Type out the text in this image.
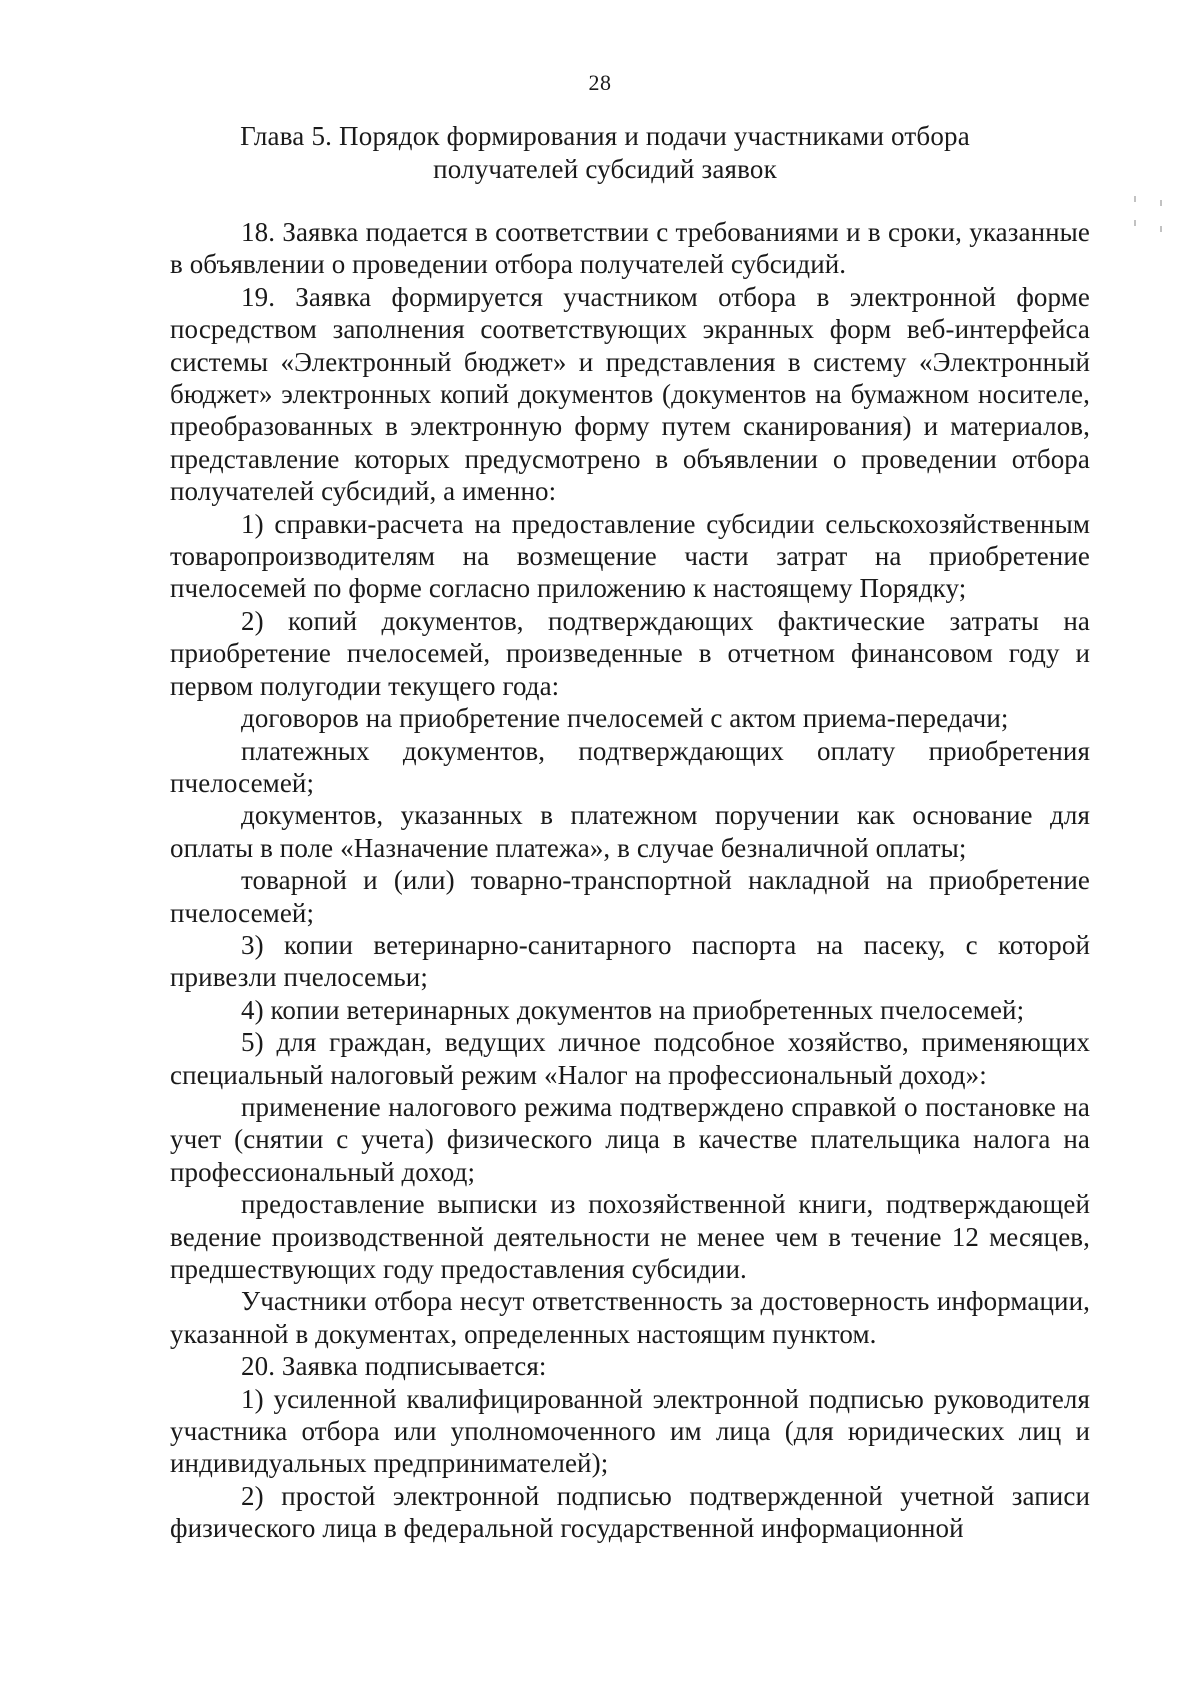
28
Глава 5. Порядок формирования и подачи участниками отбора
получателей субсидий заявок

18. Заявка подается в соответствии с требованиями и в сроки, указанные в объявлении о проведении отбора получателей субсидий.

19. Заявка формируется участником отбора в электронной форме посредством заполнения соответствующих экранных форм веб-интерфейса системы «Электронный бюджет» и представления в систему «Электронный бюджет» электронных копий документов (документов на бумажном носителе, преобразованных в электронную форму путем сканирования) и материалов, представление которых предусмотрено в объявлении о проведении отбора получателей субсидий, а именно:

1) справки-расчета на предоставление субсидии сельскохозяйственным товаропроизводителям на возмещение части затрат на приобретение пчелосемей по форме согласно приложению к настоящему Порядку;

2) копий документов, подтверждающих фактические затраты на приобретение пчелосемей, произведенные в отчетном финансовом году и первом полугодии текущего года:

договоров на приобретение пчелосемей с актом приема-передачи;

платежных документов, подтверждающих оплату приобретения пчелосемей;

документов, указанных в платежном поручении как основание для оплаты в поле «Назначение платежа», в случае безналичной оплаты;

товарной и (или) товарно-транспортной накладной на приобретение пчелосемей;

3) копии ветеринарно-санитарного паспорта на пасеку, с которой привезли пчелосемьи;

4) копии ветеринарных документов на приобретенных пчелосемей;

5) для граждан, ведущих личное подсобное хозяйство, применяющих специальный налоговый режим «Налог на профессиональный доход»:

применение налогового режима подтверждено справкой о постановке на учет (снятии с учета) физического лица в качестве плательщика налога на профессиональный доход;

предоставление выписки из похозяйственной книги, подтверждающей ведение производственной деятельности не менее чем в течение 12 месяцев, предшествующих году предоставления субсидии.

Участники отбора несут ответственность за достоверность информации, указанной в документах, определенных настоящим пунктом.

20. Заявка подписывается:

1) усиленной квалифицированной электронной подписью руководителя участника отбора или уполномоченного им лица (для юридических лиц и индивидуальных предпринимателей);

2) простой электронной подписью подтвержденной учетной записи физического лица в федеральной государственной информационной
